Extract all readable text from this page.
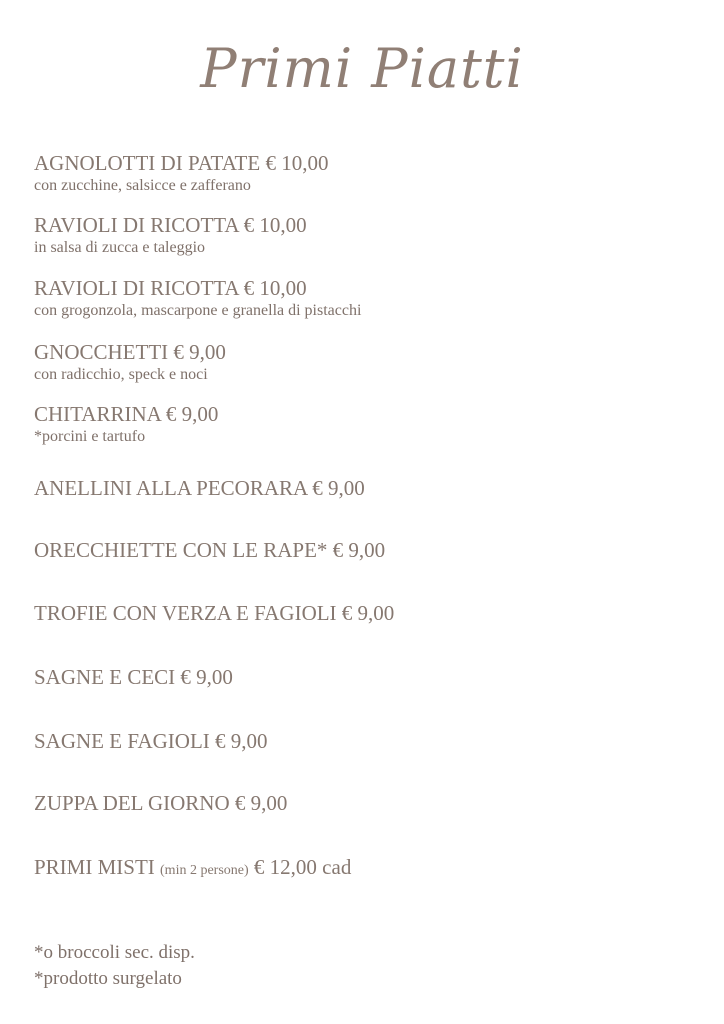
Primi Piatti
AGNOLOTTI DI PATATE € 10,00
con zucchine, salsicce e zafferano
RAVIOLI DI RICOTTA € 10,00
in salsa di zucca e taleggio
RAVIOLI DI RICOTTA € 10,00
con grogonzola, mascarpone e granella di pistacchi
GNOCCHETTI € 9,00
con radicchio, speck e noci
CHITARRINA € 9,00
*porcini e tartufo
ANELLINI ALLA PECORARA € 9,00
ORECCHIETTE CON LE RAPE* € 9,00
TROFIE CON VERZA E FAGIOLI € 9,00
SAGNE E CECI € 9,00
SAGNE E FAGIOLI € 9,00
ZUPPA DEL GIORNO € 9,00
PRIMI MISTI (min 2 persone) € 12,00 cad
*o broccoli sec. disp.
*prodotto surgelato
